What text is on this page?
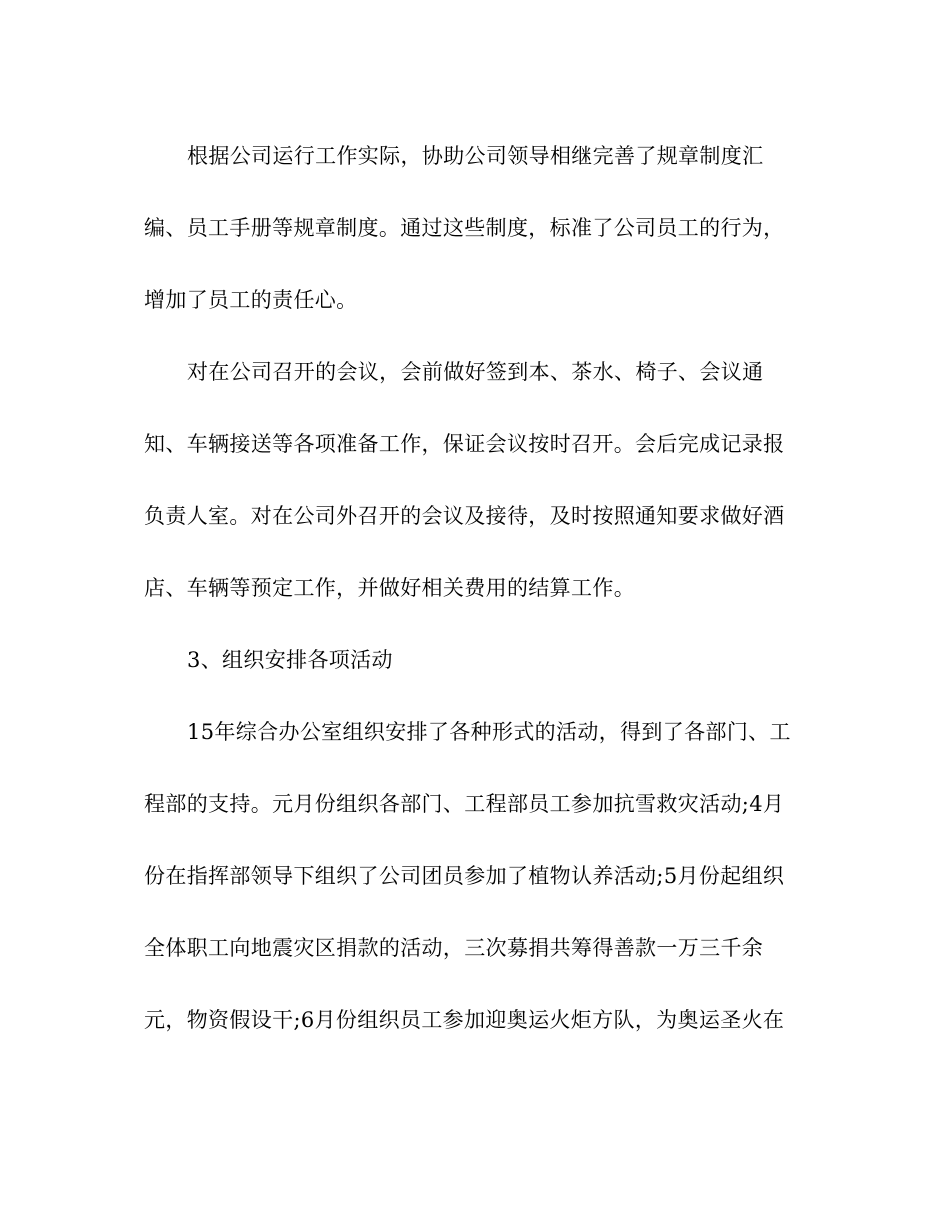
根据公司运行工作实际，协助公司领导相继完善了规章制度汇
编、员工手册等规章制度。通过这些制度，标准了公司员工的行为，
增加了员工的责任心。
对在公司召开的会议，会前做好签到本、茶水、椅子、会议通
知、车辆接送等各项准备工作，保证会议按时召开。会后完成记录报
负责人室。对在公司外召开的会议及接待，及时按照通知要求做好酒
店、车辆等预定工作，并做好相关费用的结算工作。
3、组织安排各项活动
15年综合办公室组织安排了各种形式的活动，得到了各部门、工
程部的支持。元月份组织各部门、工程部员工参加抗雪救灾活动;4月
份在指挥部领导下组织了公司团员参加了植物认养活动;5月份起组织
全体职工向地震灾区捐款的活动，三次募捐共筹得善款一万三千余
元，物资假设干;6月份组织员工参加迎奥运火炬方队，为奥运圣火在
